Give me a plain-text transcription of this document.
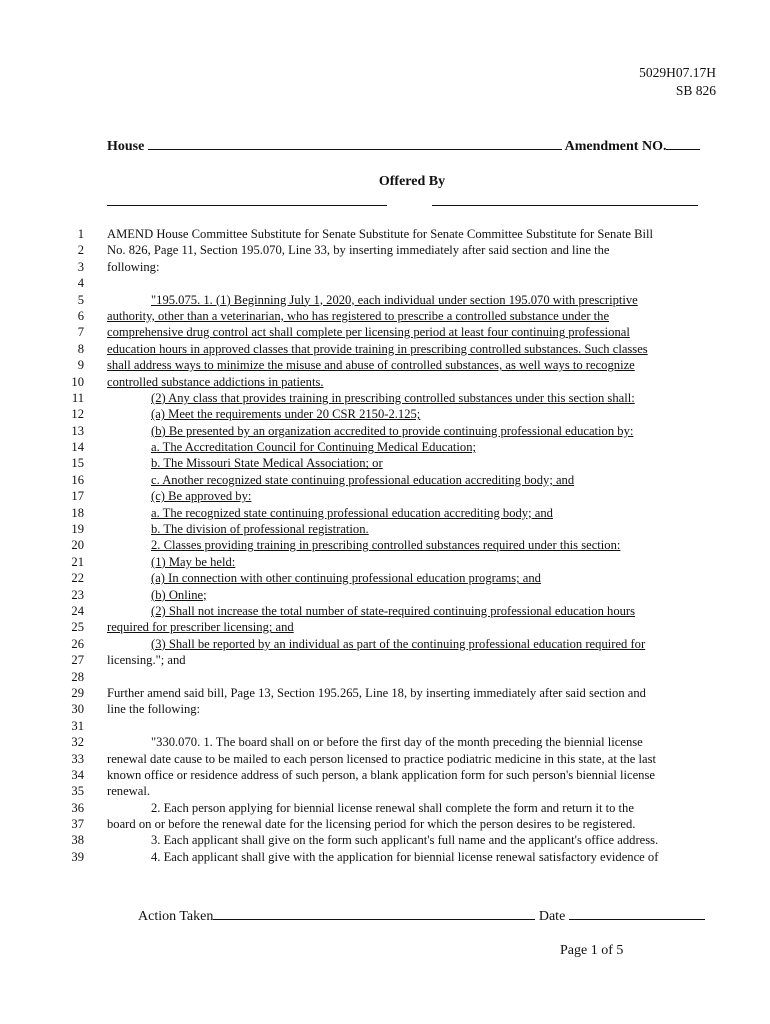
5029H07.17H
SB 826
House	Amendment NO.
Offered By
1 AMEND House Committee Substitute for Senate Substitute for Senate Committee Substitute for Senate Bill
2 No. 826, Page 11, Section 195.070, Line 33, by inserting immediately after said section and line the
3 following:
4
5	"195.075. 1. (1) Beginning July 1, 2020, each individual under section 195.070 with prescriptive
6 authority, other than a veterinarian, who has registered to prescribe a controlled substance under the
7 comprehensive drug control act shall complete per licensing period at least four continuing professional
8 education hours in approved classes that provide training in prescribing controlled substances. Such classes
9 shall address ways to minimize the misuse and abuse of controlled substances, as well ways to recognize
10 controlled substance addictions in patients.
11	(2) Any class that provides training in prescribing controlled substances under this section shall:
12	(a) Meet the requirements under 20 CSR 2150-2.125;
13	(b) Be presented by an organization accredited to provide continuing professional education by:
14	a. The Accreditation Council for Continuing Medical Education;
15	b. The Missouri State Medical Association; or
16	c. Another recognized state continuing professional education accrediting body; and
17	(c) Be approved by:
18	a. The recognized state continuing professional education accrediting body; and
19	b. The division of professional registration.
20	2. Classes providing training in prescribing controlled substances required under this section:
21	(1) May be held:
22	(a) In connection with other continuing professional education programs; and
23	(b) Online;
24	(2) Shall not increase the total number of state-required continuing professional education hours
25 required for prescriber licensing; and
26	(3) Shall be reported by an individual as part of the continuing professional education required for
27 licensing."; and
28
29 Further amend said bill, Page 13, Section 195.265, Line 18, by inserting immediately after said section and
30 line the following:
31
32	"330.070. 1. The board shall on or before the first day of the month preceding the biennial license
33 renewal date cause to be mailed to each person licensed to practice podiatric medicine in this state, at the last
34 known office or residence address of such person, a blank application form for such person's biennial license
35 renewal.
36	2. Each person applying for biennial license renewal shall complete the form and return it to the
37 board on or before the renewal date for the licensing period for which the person desires to be registered.
38	3. Each applicant shall give on the form such applicant's full name and the applicant's office address.
39	4. Each applicant shall give with the application for biennial license renewal satisfactory evidence of
Action Taken	Date
Page 1 of 5
